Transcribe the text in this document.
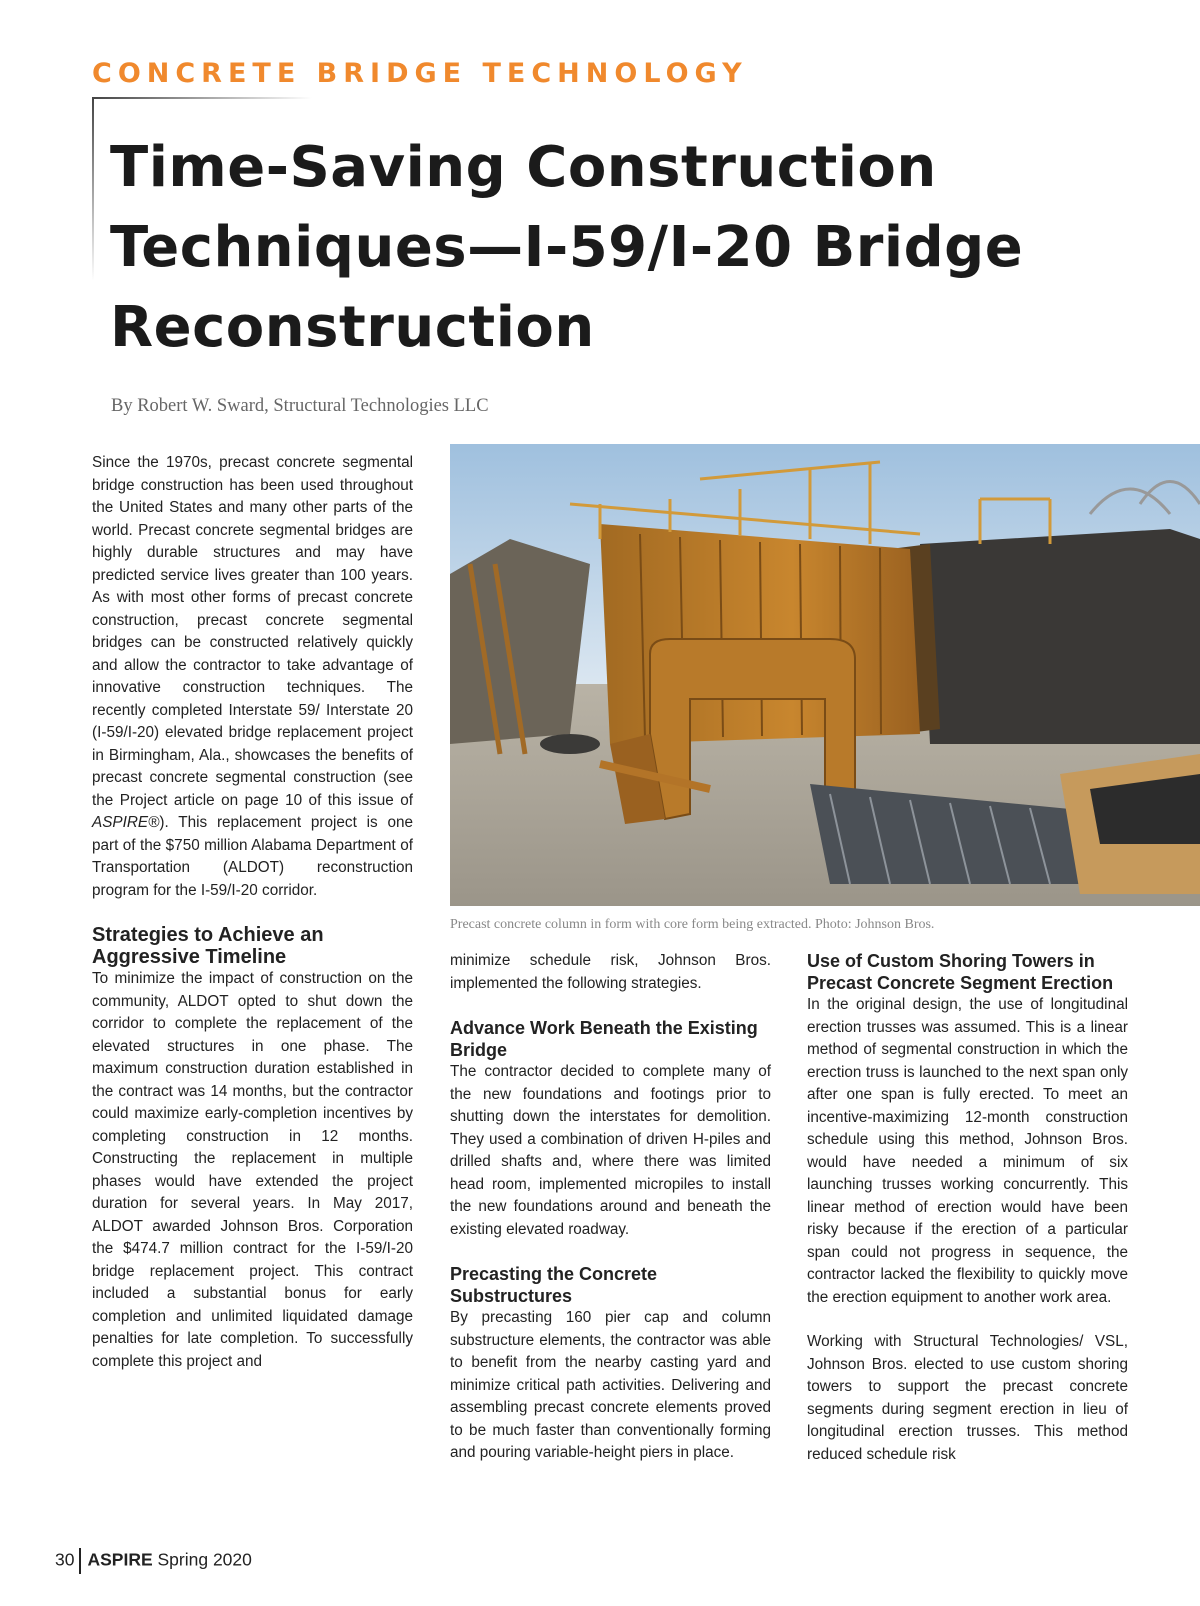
CONCRETE BRIDGE TECHNOLOGY
Time-Saving Construction Techniques—I-59/I-20 Bridge Reconstruction
By Robert W. Sward, Structural Technologies LLC

Since the 1970s, precast concrete segmental bridge construction has been used throughout the United States and many other parts of the world. Precast concrete segmental bridges are highly durable structures and may have predicted service lives greater than 100 years. As with most other forms of precast concrete construction, precast concrete segmental bridges can be constructed relatively quickly and allow the contractor to take advantage of innovative construction techniques. The recently completed Interstate 59/ Interstate 20 (I-59/I-20) elevated bridge replacement project in Birmingham, Ala., showcases the benefits of precast concrete segmental construction (see the Project article on page 10 of this issue of ASPIRE®). This replacement project is one part of the $750 million Alabama Department of Transportation (ALDOT) reconstruction program for the I-59/I-20 corridor.

Strategies to Achieve an Aggressive Timeline

To minimize the impact of construction on the community, ALDOT opted to shut down the corridor to complete the replacement of the elevated structures in one phase. The maximum construction duration established in the contract was 14 months, but the contractor could maximize early-completion incentives by completing construction in 12 months. Constructing the replacement in multiple phases would have extended the project duration for several years. In May 2017, ALDOT awarded Johnson Bros. Corporation the $474.7 million contract for the I-59/I-20 bridge replacement project. This contract included a substantial bonus for early completion and unlimited liquidated damage penalties for late completion. To successfully complete this project and

Precast concrete column in form with core form being extracted. Photo: Johnson Bros.

minimize schedule risk, Johnson Bros. implemented the following strategies.

Advance Work Beneath the Existing Bridge

The contractor decided to complete many of the new foundations and footings prior to shutting down the interstates for demolition. They used a combination of driven H-piles and drilled shafts and, where there was limited head room, implemented micropiles to install the new foundations around and beneath the existing elevated roadway.

Precasting the Concrete Substructures

By precasting 160 pier cap and column substructure elements, the contractor was able to benefit from the nearby casting yard and minimize critical path activities. Delivering and assembling precast concrete elements proved to be much faster than conventionally forming and pouring variable-height piers in place.

Use of Custom Shoring Towers in Precast Concrete Segment Erection

In the original design, the use of longitudinal erection trusses was assumed. This is a linear method of segmental construction in which the erection truss is launched to the next span only after one span is fully erected. To meet an incentive-maximizing 12-month construction schedule using this method, Johnson Bros. would have needed a minimum of six launching trusses working concurrently. This linear method of erection would have been risky because if the erection of a particular span could not progress in sequence, the contractor lacked the flexibility to quickly move the erection equipment to another work area.

Working with Structural Technologies/ VSL, Johnson Bros. elected to use custom shoring towers to support the precast concrete segments during segment erection in lieu of longitudinal erection trusses. This method reduced schedule risk

30 ASPIRE Spring 2020
